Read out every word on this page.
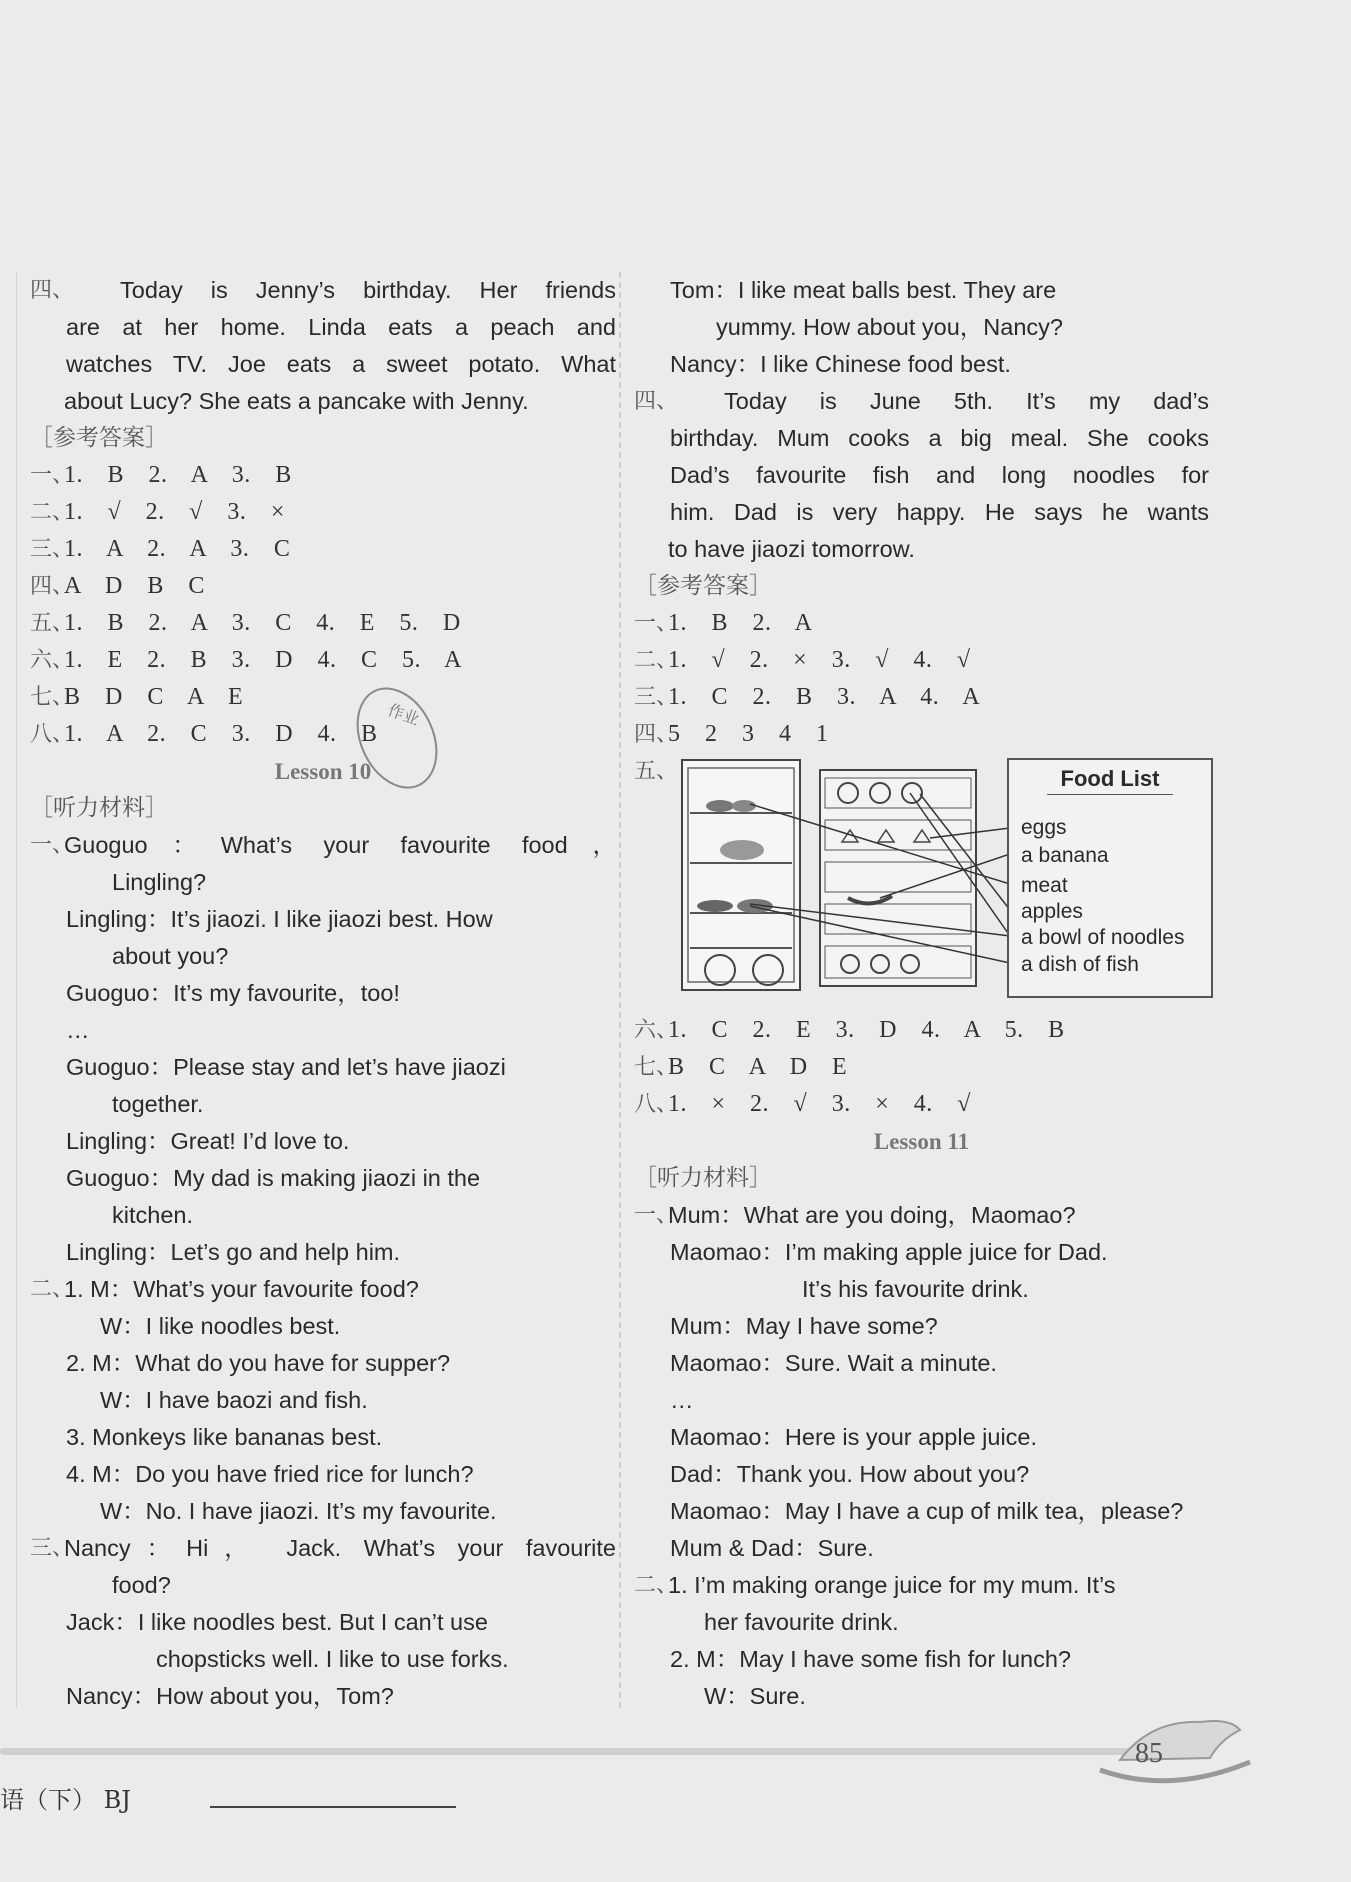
四、 Today is Jenny’s birthday. Her friends
are at her home. Linda eats a peach and
watches TV. Joe eats a sweet potato. What
about Lucy? She eats a pancake with Jenny.
［参考答案］
一、
1. B 2. A 3. B
二、
1. √ 2. √ 3. ×
三、
1. A 2. A 3. C
四、
A D B C
五、
1. B 2. A 3. C 4. E 5. D
六、
1. E 2. B 3. D 4. C 5. A
七、
B D C A E
八、
1. A 2. C 3. D 4. B
Lesson 10
［听力材料］
一、
Guoguo：What’s your favourite food，
Lingling?
Lingling：It’s jiaozi. I like jiaozi best. How
about you?
Guoguo：It’s my favourite，too!
…
Guoguo：Please stay and let’s have jiaozi
together.
Lingling：Great! I’d love to.
Guoguo：My dad is making jiaozi in the
kitchen.
Lingling：Let’s go and help him.
二、
1. M：What’s your favourite food?
W：I like noodles best.
2. M：What do you have for supper?
W：I have baozi and fish.
3. Monkeys like bananas best.
4. M：Do you have fried rice for lunch?
W：No. I have jiaozi. It’s my favourite.
三、
Nancy：Hi， Jack. What’s your favourite
food?
Jack：I like noodles best. But I can’t use
chopsticks well. I like to use forks.
Nancy：How about you，Tom?
Tom：I like meat balls best. They are
yummy. How about you，Nancy?
Nancy：I like Chinese food best.
四、 Today is June 5th. It’s my dad’s
birthday. Mum cooks a big meal. She cooks
Dad’s favourite fish and long noodles for
him. Dad is very happy. He says he wants
to have jiaozi tomorrow.
［参考答案］
一、
1. B 2. A
二、
1. √ 2. × 3. √ 4. √
三、
1. C 2. B 3. A 4. A
四、
5 2 3 4 1
五、
六、
1. C 2. E 3. D 4. A 5. B
七、
B C A D E
八、
1. × 2. √ 3. × 4. √
Lesson 11
［听力材料］
一、
Mum：What are you doing，Maomao?
Maomao：I’m making apple juice for Dad.
It’s his favourite drink.
Mum：May I have some?
Maomao：Sure. Wait a minute.
…
Maomao：Here is your apple juice.
Dad：Thank you. How about you?
Maomao：May I have a cup of milk tea，please?
Mum & Dad：Sure.
二、
1. I’m making orange juice for my mum. It’s
her favourite drink.
2. M：May I have some fish for lunch?
W：Sure.
Food List
eggs
a banana
meat
apples
a bowl of noodles
a dish of fish
作业
语（下） BJ
85
